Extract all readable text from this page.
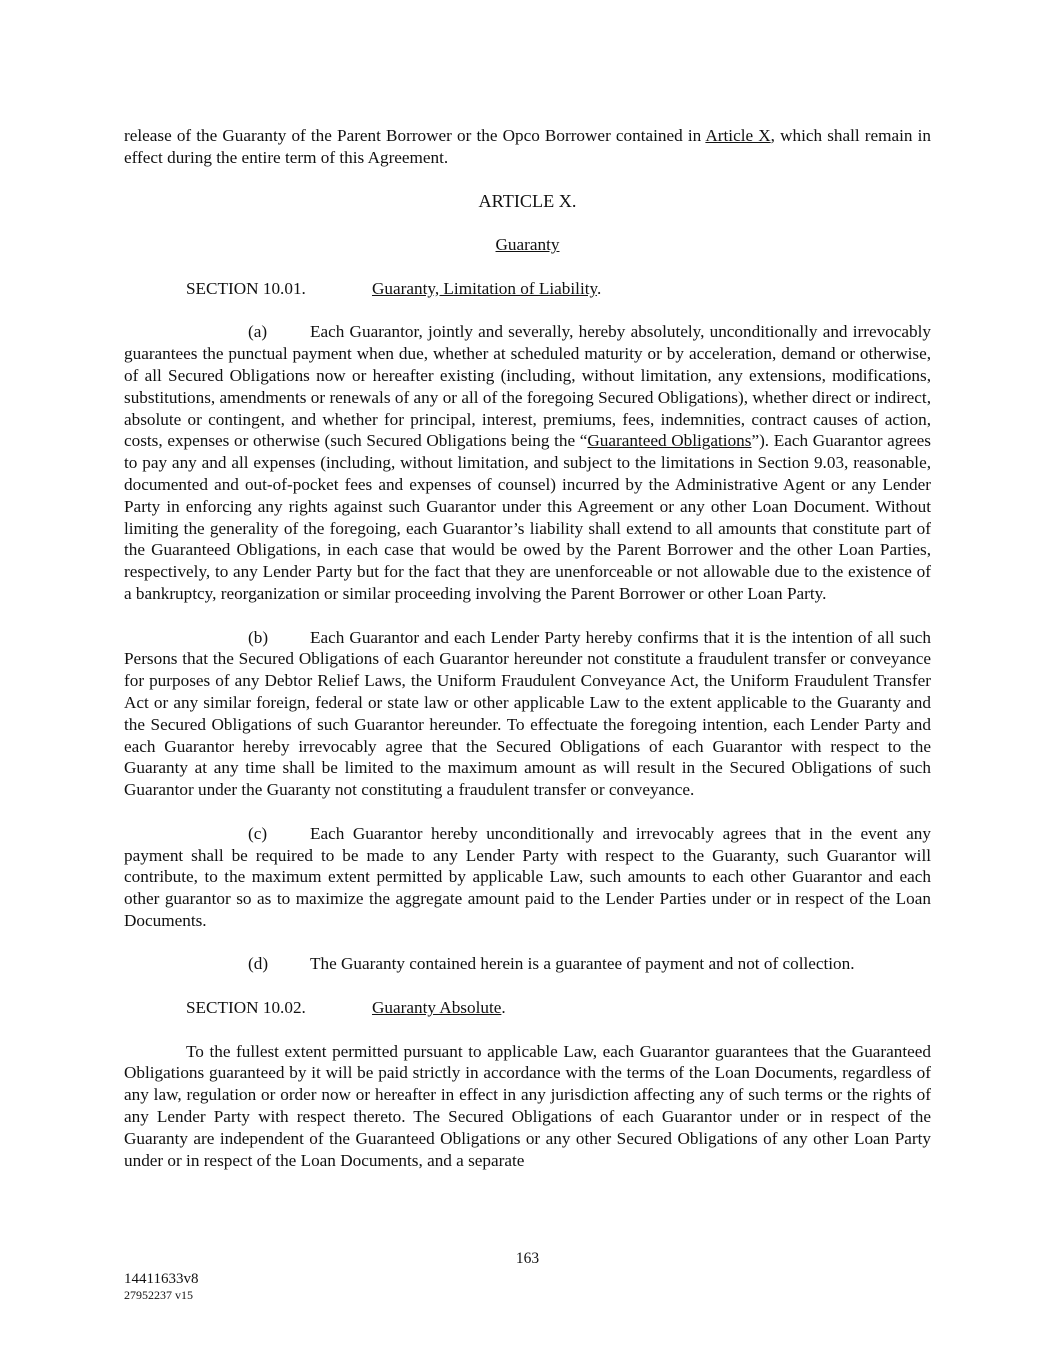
release of the Guaranty of the Parent Borrower or the Opco Borrower contained in Article X, which shall remain in effect during the entire term of this Agreement.

ARTICLE X.

Guaranty

SECTION 10.01.	Guaranty, Limitation of Liability.

(a) Each Guarantor, jointly and severally, hereby absolutely, unconditionally and irrevocably guarantees the punctual payment when due, whether at scheduled maturity or by acceleration, demand or otherwise, of all Secured Obligations now or hereafter existing (including, without limitation, any extensions, modifications, substitutions, amendments or renewals of any or all of the foregoing Secured Obligations), whether direct or indirect, absolute or contingent, and whether for principal, interest, premiums, fees, indemnities, contract causes of action, costs, expenses or otherwise (such Secured Obligations being the “Guaranteed Obligations”). Each Guarantor agrees to pay any and all expenses (including, without limitation, and subject to the limitations in Section 9.03, reasonable, documented and out-of-pocket fees and expenses of counsel) incurred by the Administrative Agent or any Lender Party in enforcing any rights against such Guarantor under this Agreement or any other Loan Document. Without limiting the generality of the foregoing, each Guarantor’s liability shall extend to all amounts that constitute part of the Guaranteed Obligations, in each case that would be owed by the Parent Borrower and the other Loan Parties, respectively, to any Lender Party but for the fact that they are unenforceable or not allowable due to the existence of a bankruptcy, reorganization or similar proceeding involving the Parent Borrower or other Loan Party.

(b) Each Guarantor and each Lender Party hereby confirms that it is the intention of all such Persons that the Secured Obligations of each Guarantor hereunder not constitute a fraudulent transfer or conveyance for purposes of any Debtor Relief Laws, the Uniform Fraudulent Conveyance Act, the Uniform Fraudulent Transfer Act or any similar foreign, federal or state law or other applicable Law to the extent applicable to the Guaranty and the Secured Obligations of such Guarantor hereunder. To effectuate the foregoing intention, each Lender Party and each Guarantor hereby irrevocably agree that the Secured Obligations of each Guarantor with respect to the Guaranty at any time shall be limited to the maximum amount as will result in the Secured Obligations of such Guarantor under the Guaranty not constituting a fraudulent transfer or conveyance.

(c) Each Guarantor hereby unconditionally and irrevocably agrees that in the event any payment shall be required to be made to any Lender Party with respect to the Guaranty, such Guarantor will contribute, to the maximum extent permitted by applicable Law, such amounts to each other Guarantor and each other guarantor so as to maximize the aggregate amount paid to the Lender Parties under or in respect of the Loan Documents.

(d) The Guaranty contained herein is a guarantee of payment and not of collection.

SECTION 10.02.	Guaranty Absolute.

To the fullest extent permitted pursuant to applicable Law, each Guarantor guarantees that the Guaranteed Obligations guaranteed by it will be paid strictly in accordance with the terms of the Loan Documents, regardless of any law, regulation or order now or hereafter in effect in any jurisdiction affecting any of such terms or the rights of any Lender Party with respect thereto. The Secured Obligations of each Guarantor under or in respect of the Guaranty are independent of the Guaranteed Obligations or any other Secured Obligations of any other Loan Party under or in respect of the Loan Documents, and a separate

163
14411633v8
27952237 v15
